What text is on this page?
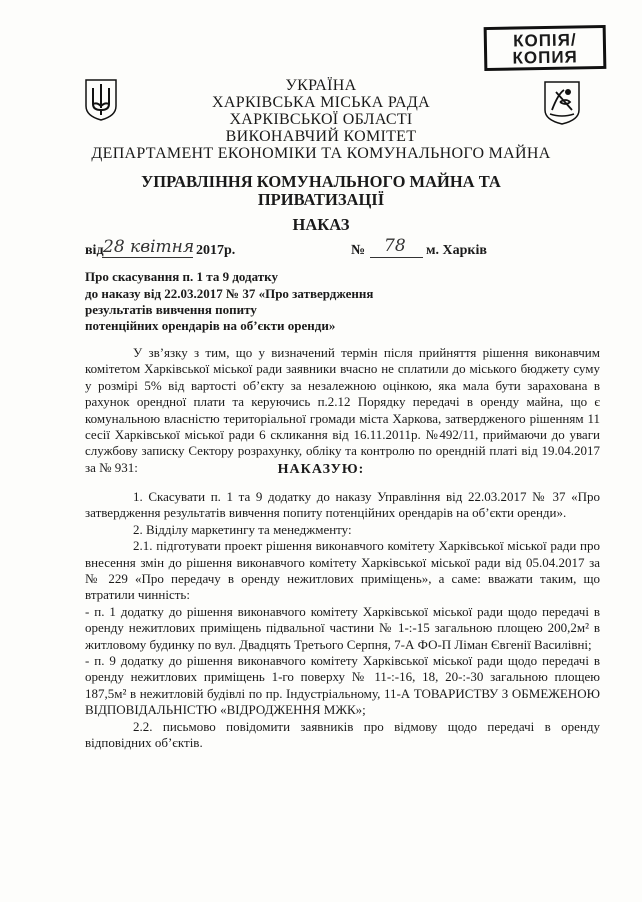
КОПІЯ/
КОПИЯ
УКРАЇНА
ХАРКІВСЬКА МІСЬКА РАДА
ХАРКІВСЬКОЇ ОБЛАСТІ
ВИКОНАВЧИЙ КОМІТЕТ
ДЕПАРТАМЕНТ ЕКОНОМІКИ ТА КОМУНАЛЬНОГО МАЙНА
УПРАВЛІННЯ КОМУНАЛЬНОГО МАЙНА ТА
ПРИВАТИЗАЦІЇ
НАКАЗ
від 28 квітня 2017р.	№ 78 м. Харків
Про скасування п. 1 та 9 додатку
до наказу від 22.03.2017 № 37 «Про затвердження
результатів вивчення попиту
потенційних орендарів на об’єкти оренди»

У зв’язку з тим, що у визначений термін після прийняття рішення виконавчим комітетом Харківської міської ради заявники вчасно не сплатили до міського бюджету суму у розмірі 5% від вартості об’єкту за незалежною оцінкою, яка мала бути зарахована в рахунок орендної плати та керуючись п.2.12 Порядку передачі в оренду майна, що є комунальною власністю територіальної громади міста Харкова, затвердженого рішенням 11 сесії Харківської міської ради 6 скликання від 16.11.2011р. №492/11, приймаючи до уваги службову записку Сектору розрахунку, обліку та контролю по орендній платі від 19.04.2017 за № 931:	НАКАЗУЮ:

1. Скасувати п. 1 та 9 додатку до наказу Управління від 22.03.2017 № 37 «Про затвердження результатів вивчення попиту потенційних орендарів на об’єкти оренди».

2. Відділу маркетингу та менеджменту:

2.1. підготувати проект рішення виконавчого комітету Харківської міської ради про внесення змін до рішення виконавчого комітету Харківської міської ради від 05.04.2017 за № 229 «Про передачу в оренду нежитлових приміщень», а саме: вважати таким, що втратили чинність:

- п. 1 додатку до рішення виконавчого комітету Харківської міської ради щодо передачі в оренду нежитлових приміщень підвальної частини № 1-:-15 загальною площею 200,2м² в житловому будинку по вул. Двадцять Третього Серпня, 7-А ФО-П Ліман Євгенії Василівні;

- п. 9 додатку до рішення виконавчого комітету Харківської міської ради щодо передачі в оренду нежитлових приміщень 1-го поверху № 11-:-16, 18, 20-:-30 загальною площею 187,5м² в нежитловій будівлі по пр. Індустріальному, 11-А ТОВАРИСТВУ З ОБМЕЖЕНОЮ ВІДПОВІДАЛЬНІСТЮ «ВІДРОДЖЕННЯ МЖК»;

2.2. письмово повідомити заявників про відмову щодо передачі в оренду відповідних об’єктів.
